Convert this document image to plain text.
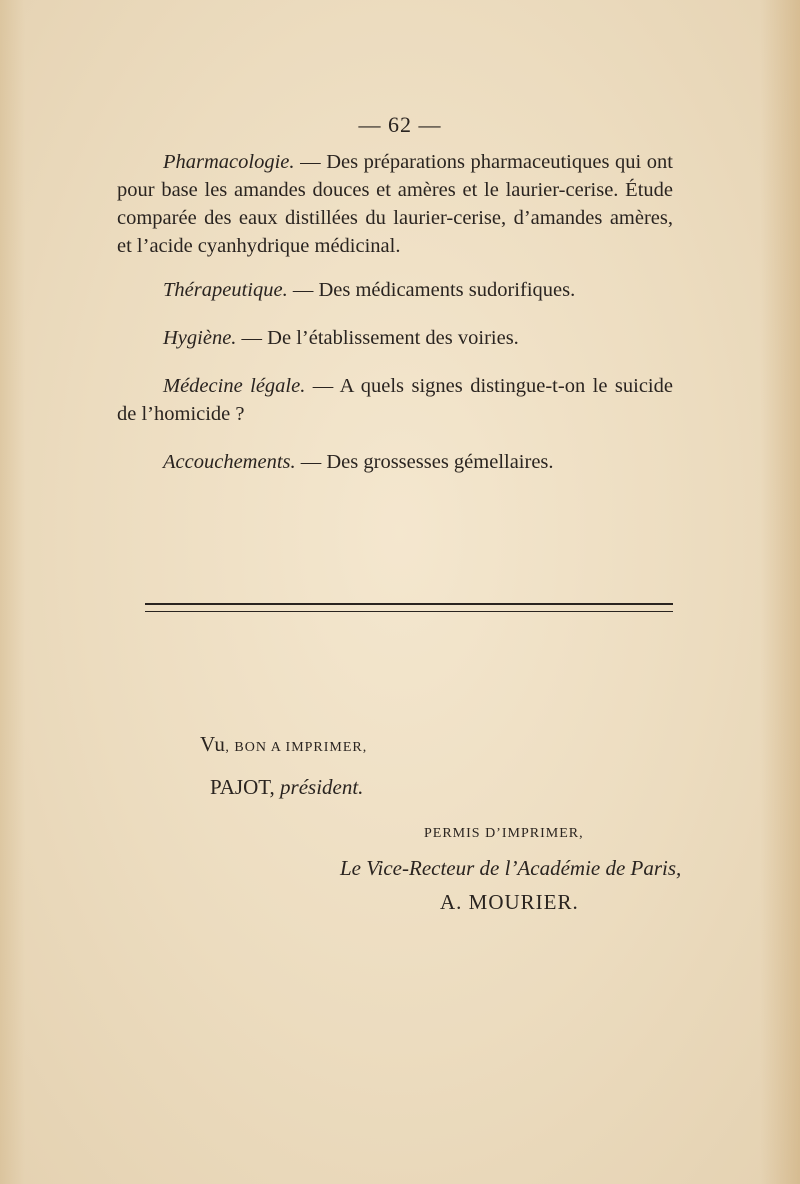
— 62 —

Pharmacologie. — Des préparations pharmaceutiques qui ont pour base les amandes douces et amères et le laurier-cerise. Étude comparée des eaux distillées du laurier-cerise, d’amandes amères, et l’acide cyanhydrique médicinal.

Thérapeutique. — Des médicaments sudorifiques.

Hygiène. — De l’établissement des voiries.

Médecine légale. — A quels signes distingue-t-on le suicide de l’homicide ?

Accouchements. — Des grossesses gémellaires.

Vu, BON A IMPRIMER,
PAJOT, président.
PERMIS D’IMPRIMER,
Le Vice-Recteur de l’Académie de Paris,
A. MOURIER.
